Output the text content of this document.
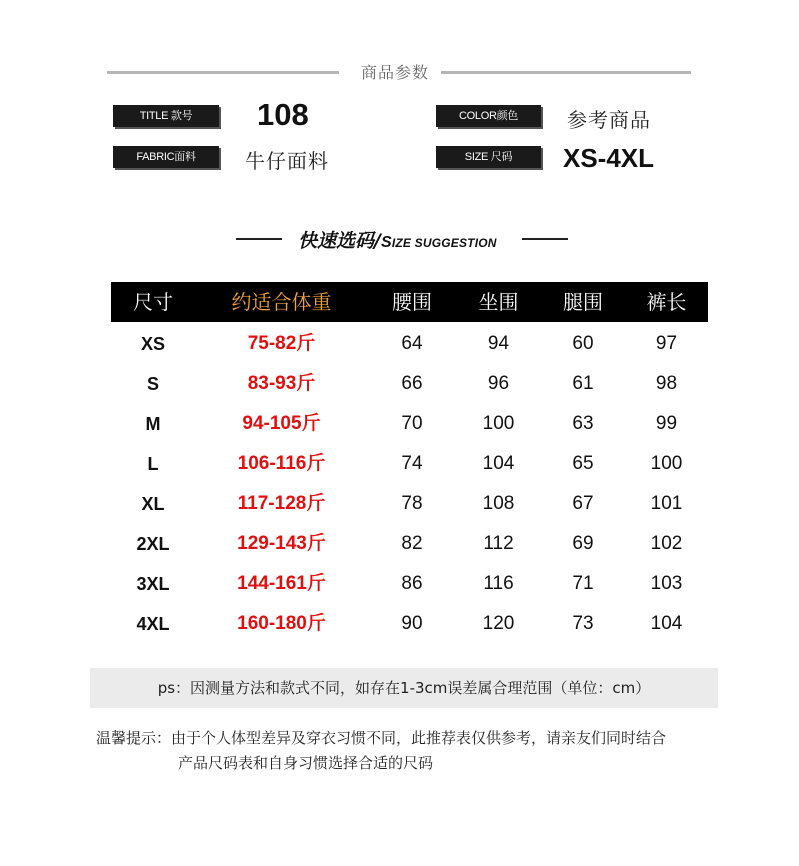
商品参数
TITLE 款号	108	COLOR颜色	参考商品
FABRIC面料	牛仔面料	SIZE 尺码	XS-4XL
快速选码/SIZE SUGGESTION
尺寸	约适合体重	腰围	坐围	腿围	裤长
XS	75-82斤	64	94	60	97
S	83-93斤	66	96	61	98
M	94-105斤	70	100	63	99
L	106-116斤	74	104	65	100
XL	117-128斤	78	108	67	101
2XL	129-143斤	82	112	69	102
3XL	144-161斤	86	116	71	103
4XL	160-180斤	90	120	73	104
ps：因测量方法和款式不同，如存在1-3cm误差属合理范围（单位：cm）
温馨提示：由于个人体型差异及穿衣习惯不同，此推荐表仅供参考，请亲友们同时结合
产品尺码表和自身习惯选择合适的尺码
